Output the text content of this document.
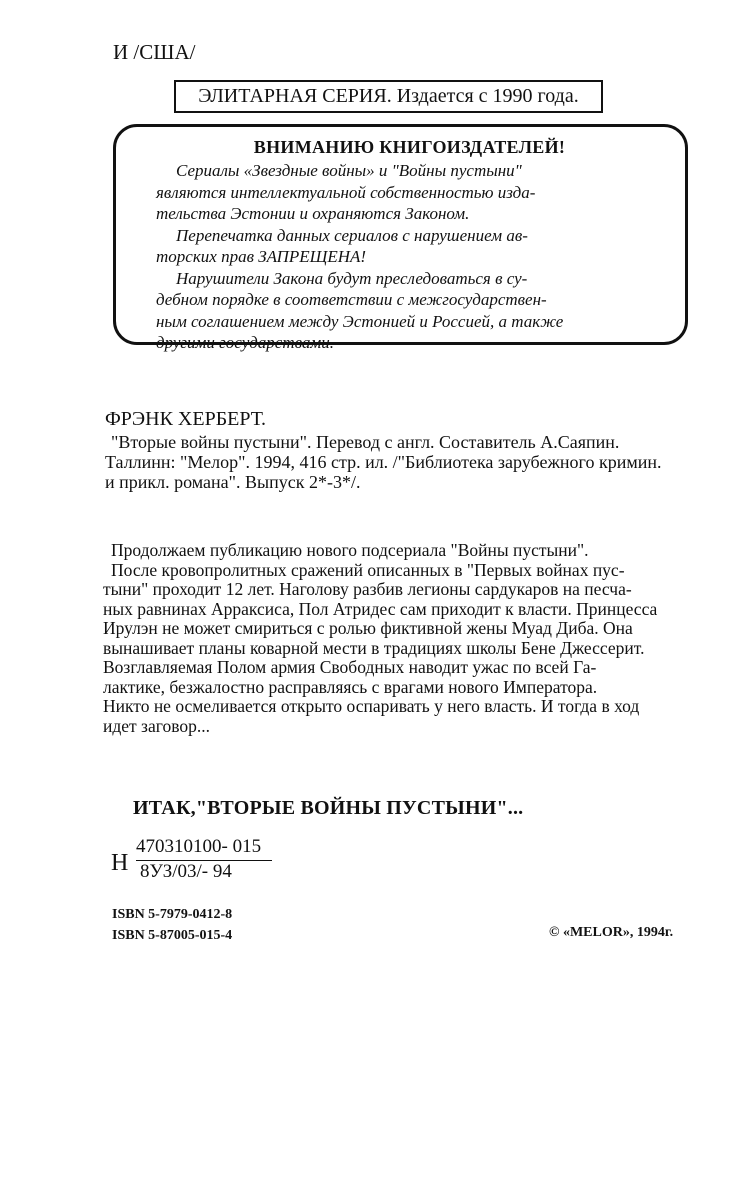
И /США/
ЭЛИТАРНАЯ СЕРИЯ. Издается с 1990 года.
ВНИМАНИЮ КНИГОИЗДАТЕЛЕЙ!

Сериалы «Звездные войны» и "Войны пустыни"
являются интеллектуальной собственностью изда-
тельства Эстонии и охраняются Законом.

Перепечатка данных сериалов с нарушением ав-
торских прав ЗАПРЕЩЕНА!

Нарушители Закона будут преследоваться в су-
дебном порядке в соответствии с межгосударствен-
ным соглашением между Эстонией и Россией, а также
другими государствами.

ФРЭНК ХЕРБЕРТ.
"Вторые войны пустыни". Перевод с англ. Составитель А.Саяпин.
Таллинн: "Мелор". 1994, 416 стр. ил. /"Библиотека зарубежного кримин.
и прикл. романа". Выпуск 2*-3*/.
Продолжаем публикацию нового подсериала "Войны пустыни".
После кровопролитных сражений описанных в "Первых войнах пус-
тыни" проходит 12 лет. Наголову разбив легионы сардукаров на песча-
ных равнинах Арраксиса, Пол Атридес сам приходит к власти. Принцесса
Ирулэн не может смириться с ролью фиктивной жены Муад Диба. Она
вынашивает планы коварной мести в традициях школы Бене Джессерит.
Возглавляемая Полом армия Свободных наводит ужас по всей Га-
лактике, безжалостно расправляясь с врагами нового Императора.
Никто не осмеливается открыто оспаривать у него власть. И тогда в ход
идет заговор...
ИТАК,"ВТОРЫЕ ВОЙНЫ ПУСТЫНИ"...
Н
470310100- 015
8УЗ/03/- 94
ISBN 5-7979-0412-8
ISBN 5-87005-015-4	© «MELOR», 1994г.
